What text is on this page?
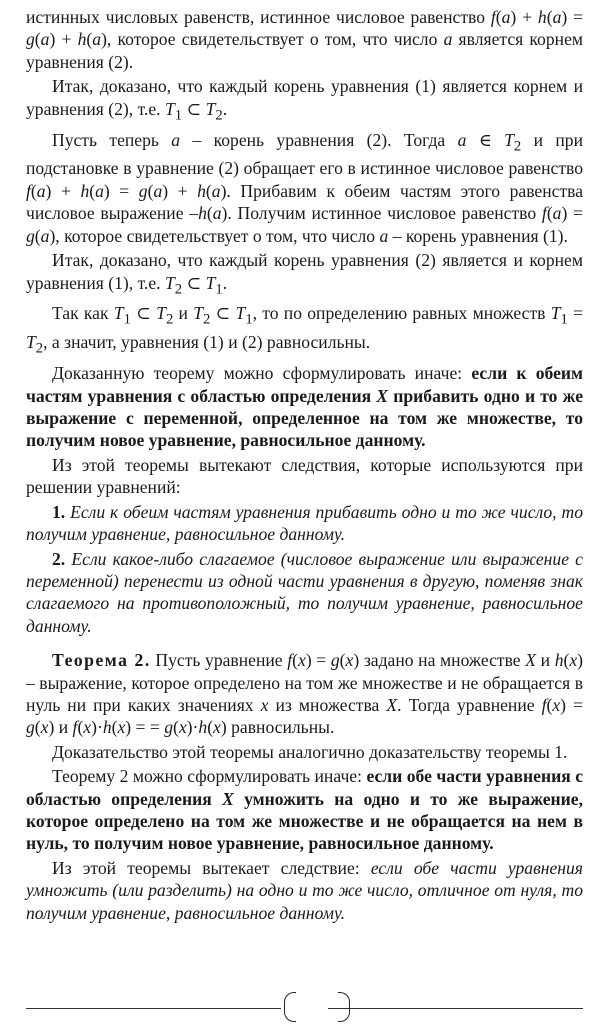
истинных числовых равенств, истинное числовое равенство f(a) + h(a) = g(a) + h(a), которое свидетельствует о том, что число a является корнем уравнения (2).

Итак, доказано, что каждый корень уравнения (1) является корнем и уравнения (2), т.е. $T_1$ ⊂ $T_2$.

Пусть теперь a – корень уравнения (2). Тогда a ∈ $T_2$ и при подстановке в уравнение (2) обращает его в истинное числовое равенство f(a) + h(a) = g(a) + h(a). Прибавим к обеим частям этого равенства числовое выражение –h(a). Получим истинное числовое равенство f(a) = g(a), которое свидетельствует о том, что число a – корень уравнения (1).

Итак, доказано, что каждый корень уравнения (2) является и корнем уравнения (1), т.е. $T_2$ ⊂ $T_1$.

Так как $T_1$ ⊂ $T_2$ и $T_2$ ⊂ $T_1$, то по определению равных множеств $T_1 = T_2$, а значит, уравнения (1) и (2) равносильны.

Доказанную теорему можно сформулировать иначе: если к обеим частям уравнения с областью определения X прибавить одно и то же выражение с переменной, определенное на том же множестве, то получим новое уравнение, равносильное данному.

Из этой теоремы вытекают следствия, которые используются при решении уравнений:

1. Если к обеим частям уравнения прибавить одно и то же число, то получим уравнение, равносильное данному.

2. Если какое-либо слагаемое (числовое выражение или выражение с переменной) перенести из одной части уравнения в другую, поменяв знак слагаемого на противоположный, то получим уравнение, равносильное данному.

Теорема 2. Пусть уравнение f(x) = g(x) задано на множестве X и h(x) – выражение, которое определено на том же множестве и не обращается в нуль ни при каких значениях x из множества X. Тогда уравнение f(x) = g(x) и f(x)·h(x) = = g(x)·h(x) равносильны.

Доказательство этой теоремы аналогично доказательству теоремы 1.

Теорему 2 можно сформулировать иначе: если обе части уравнения с областью определения X умножить на одно и то же выражение, которое определено на том же множестве и не обращается на нем в нуль, то получим новое уравнение, равносильное данному.

Из этой теоремы вытекает следствие: если обе части уравнения умножить (или разделить) на одно и то же число, отличное от нуля, то получим уравнение, равносильное данному.
